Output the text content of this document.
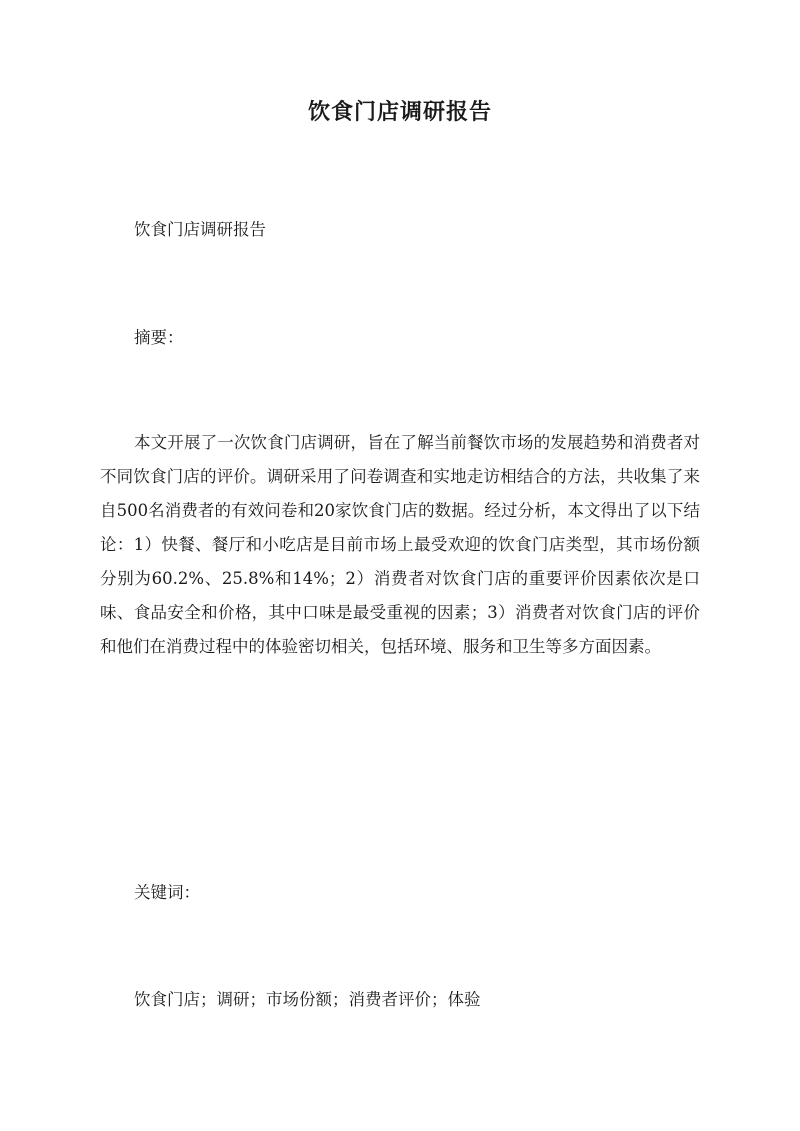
饮食门店调研报告

饮食门店调研报告

摘要：

本文开展了一次饮食门店调研，旨在了解当前餐饮市场的发展趋势和消费者对不同饮食门店的评价。调研采用了问卷调查和实地走访相结合的方法，共收集了来自500名消费者的有效问卷和20家饮食门店的数据。经过分析，本文得出了以下结论：1）快餐、餐厅和小吃店是目前市场上最受欢迎的饮食门店类型，其市场份额分别为60.2%、25.8%和14%；2）消费者对饮食门店的重要评价因素依次是口味、食品安全和价格，其中口味是最受重视的因素；3）消费者对饮食门店的评价和他们在消费过程中的体验密切相关，包括环境、服务和卫生等多方面因素。

关键词：

饮食门店；调研；市场份额；消费者评价；体验
